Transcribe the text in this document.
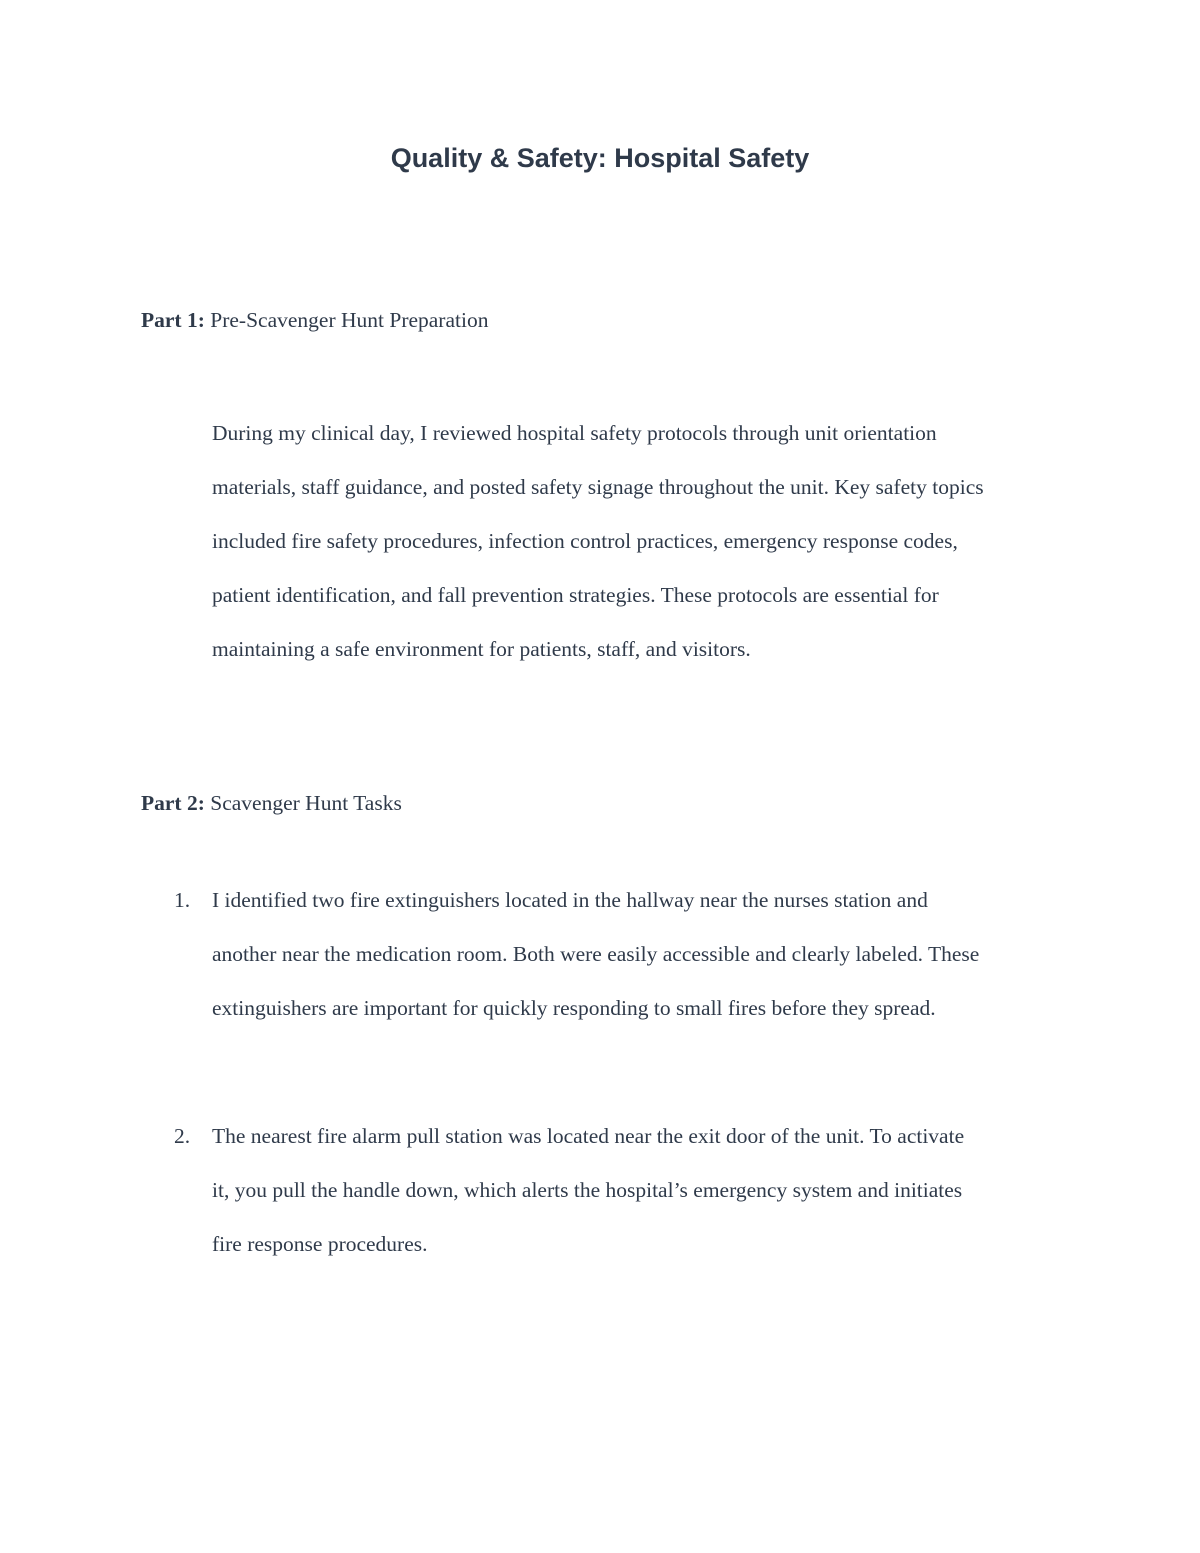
Quality & Safety: Hospital Safety

Part 1: Pre-Scavenger Hunt Preparation

During my clinical day, I reviewed hospital safety protocols through unit orientation
materials, staff guidance, and posted safety signage throughout the unit. Key safety topics
included fire safety procedures, infection control practices, emergency response codes,
patient identification, and fall prevention strategies. These protocols are essential for
maintaining a safe environment for patients, staff, and visitors.

Part 2: Scavenger Hunt Tasks

1. I identified two fire extinguishers located in the hallway near the nurses station and
another near the medication room. Both were easily accessible and clearly labeled. These
extinguishers are important for quickly responding to small fires before they spread.
2. The nearest fire alarm pull station was located near the exit door of the unit. To activate
it, you pull the handle down, which alerts the hospital’s emergency system and initiates
fire response procedures.
